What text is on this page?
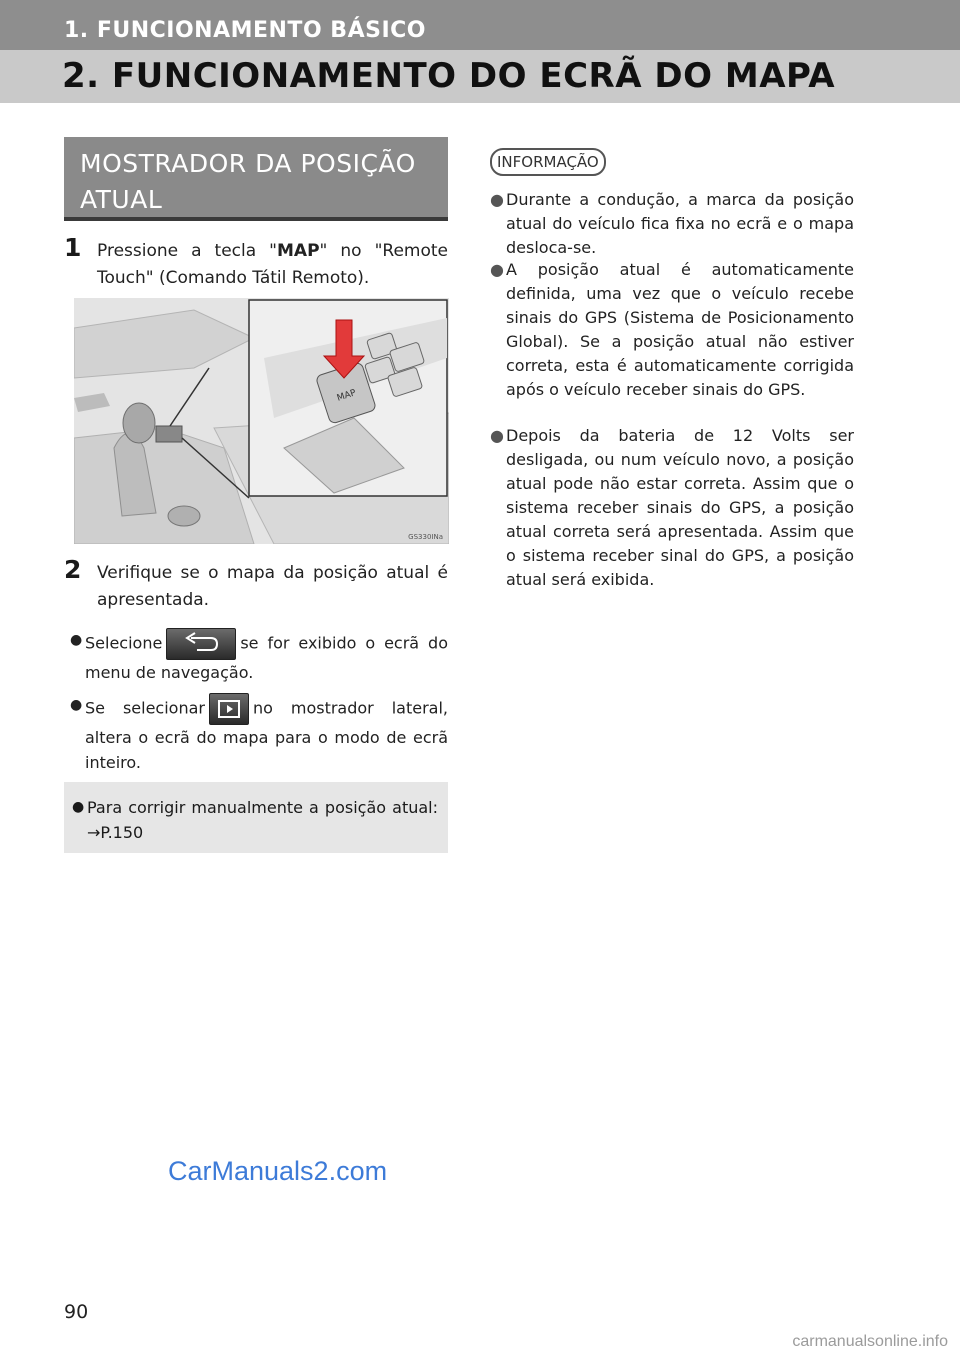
1. FUNCIONAMENTO BÁSICO
2. FUNCIONAMENTO DO ECRÃ DO MAPA
MOSTRADOR DA POSIÇÃO ATUAL
1 Pressione a tecla "MAP" no "Remote Touch" (Comando Tátil Remoto).
MAP
GS330INa
2 Verifique se o mapa da posição atual é apresentada.
● Selecione	se for exibido o ecrã do menu de navegação.
● Se selecionar	no mostrador lateral, altera o ecrã do mapa para o modo de ecrã inteiro.
● Para corrigir manualmente a posição atual: →P.150
INFORMAÇÃO
● Durante a condução, a marca da posição atual do veículo fica fixa no ecrã e o mapa desloca-se.
● A posição atual é automaticamente definida, uma vez que o veículo recebe sinais do GPS (Sistema de Posicionamento Global). Se a posição atual não estiver correta, esta é automaticamente corrigida após o veículo receber sinais do GPS.
● Depois da bateria de 12 Volts ser desligada, ou num veículo novo, a posição atual pode não estar correta. Assim que o sistema receber sinais do GPS, a posição atual correta será apresentada. Assim que o sistema receber sinal do GPS, a posição atual será exibida.
CarManuals2.com
90
carmanualsonline.info
